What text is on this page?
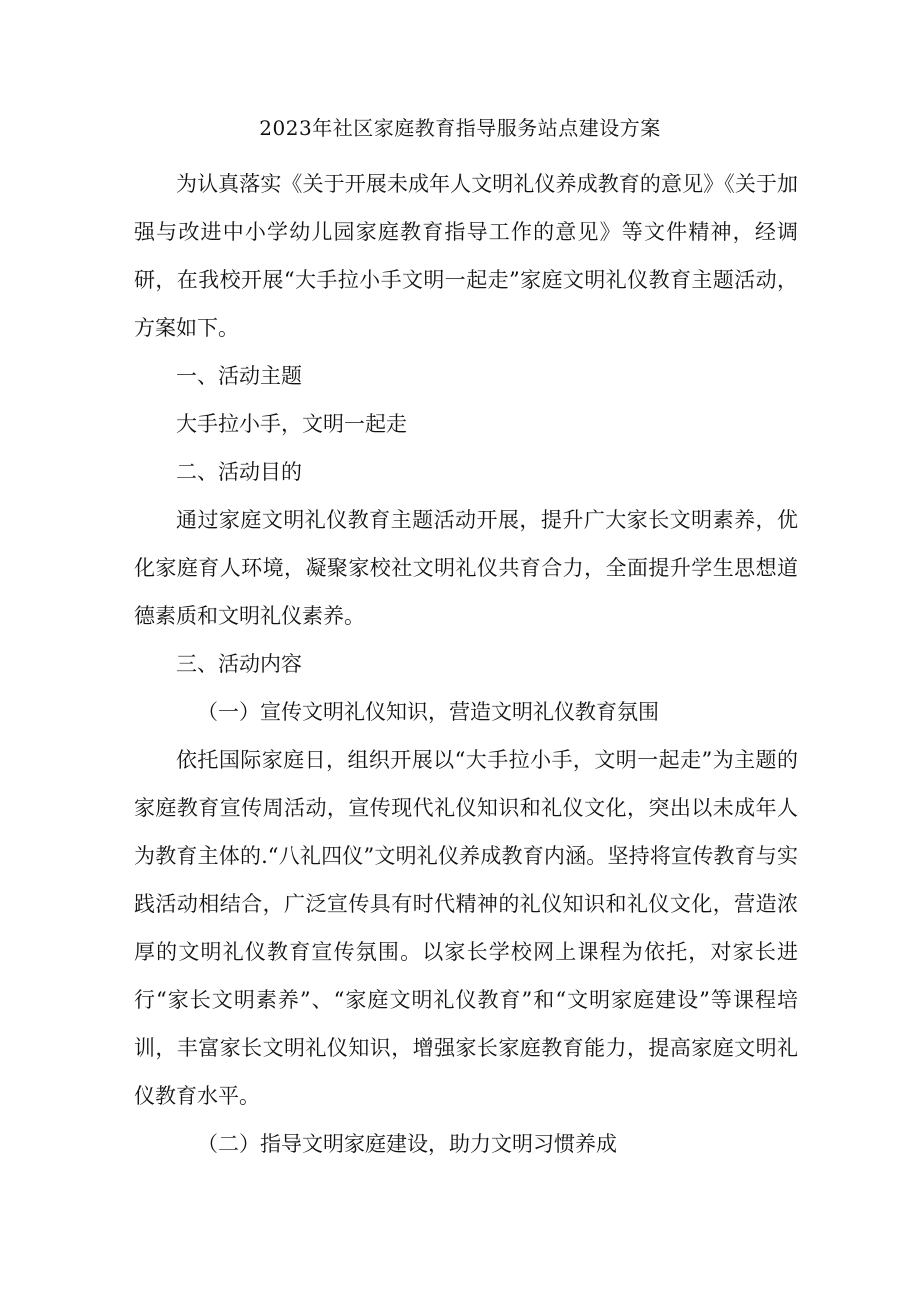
2023年社区家庭教育指导服务站点建设方案

为认真落实《关于开展未成年人文明礼仪养成教育的意见》《关于加强与改进中小学幼儿园家庭教育指导工作的意见》等文件精神，经调研，在我校开展“大手拉小手文明一起走”家庭文明礼仪教育主题活动，方案如下。

一、活动主题

大手拉小手，文明一起走

二、活动目的

通过家庭文明礼仪教育主题活动开展，提升广大家长文明素养，优化家庭育人环境，凝聚家校社文明礼仪共育合力，全面提升学生思想道德素质和文明礼仪素养。

三、活动内容

（一）宣传文明礼仪知识，营造文明礼仪教育氛围

依托国际家庭日，组织开展以“大手拉小手，文明一起走”为主题的家庭教育宣传周活动，宣传现代礼仪知识和礼仪文化，突出以未成年人为教育主体的.“八礼四仪”文明礼仪养成教育内涵。坚持将宣传教育与实践活动相结合，广泛宣传具有时代精神的礼仪知识和礼仪文化，营造浓厚的文明礼仪教育宣传氛围。以家长学校网上课程为依托，对家长进行“家长文明素养”、“家庭文明礼仪教育”和“文明家庭建设”等课程培训，丰富家长文明礼仪知识，增强家长家庭教育能力，提高家庭文明礼仪教育水平。

（二）指导文明家庭建设，助力文明习惯养成
